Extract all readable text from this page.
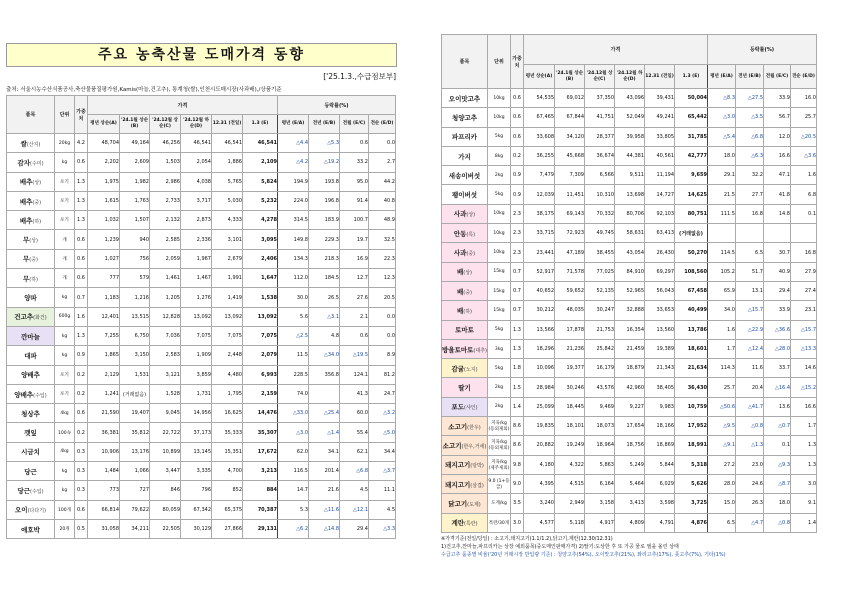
주요 농축산물 도매가격 동향
['25.1.3.,수급점보부]
출처: 서울시농수산식품공사,축산물품질평가원,Kamis(마늘,건고추), 통계청(쌀),인천시도매시장(사과배),/상품기준
품목	단위	가중치	가격						등락률(%)			
			평년 상순(A)	'24.1월 상순(B)	'24.12월 상순(C)	'24.12월 하순(D)	12.31 (전일)	1.3 (E)	평년 (E/A)	전년 (E/B)	전월 (E/C)	전순 (E/D)
쌀(산지)	20kg	4.2	48,704	49,164	46,256	46,541	46,541	46,541	△4.4	△5.3	0.6	0.0
감자(수미)	kg	0.6	2,202	2,609	1,503	2,054	1,886	2,109	△4.2	△19.2	33.2	2.7
배추(상)	포기	1.3	1,975	1,982	2,986	4,038	5,765	5,824	194.9	193.8	95.0	44.2
배추(중)	포기	1.3	1,615	1,763	2,733	3,717	5,030	5,232	224.0	196.8	91.4	40.8
배추(하)	포기	1.3	1,032	1,507	2,132	2,873	4,333	4,278	314.5	183.9	100.7	48.9
무(상)	개	0.6	1,239	940	2,585	2,336	3,101	3,095	149.8	229.3	19.7	32.5
무(중)	개	0.6	1,027	756	2,059	1,967	2,679	2,406	134.3	218.3	16.9	22.3
무(하)	개	0.6	777	579	1,461	1,467	1,991	1,647	112.0	184.5	12.7	12.3
양파	kg	0.7	1,183	1,216	1,205	1,276	1,419	1,538	30.0	26.5	27.6	20.5
건고추(화건)	600g	1.6	12,401	13,515	12,828	13,092	13,092	13,092	5.6	△3.1	2.1	0.0
깐마늘	kg	1.3	7,255	6,750	7,036	7,075	7,075	7,075	△2.5	4.8	0.6	0.0
대파	kg	0.9	1,865	3,150	2,583	1,909	2,448	2,079	11.5	△34.0	△19.5	8.9
양배추	포기	0.2	2,129	1,531	3,121	3,859	4,480	6,993	228.5	356.8	124.1	81.2
양배추(수입)	포기	0.2	1,241	(거래없음)	1,528	1,731	1,795	2,159	74.0		41.3	24.7
청상추	4kg	0.6	21,590	19,407	9,045	14,956	16,625	14,476	△33.0	△25.4	60.0	△3.2
깻잎	100속	0.2	36,381	35,812	22,722	37,173	35,333	35,307	△3.0	△1.4	55.4	△5.0
시금치	4kg	0.3	10,906	13,176	10,899	13,145	15,351	17,672	62.0	34.1	62.1	34.4
당근	kg	0.3	1,484	1,066	3,447	3,335	4,700	3,213	116.5	201.4	△6.8	△3.7
당근(수입)	kg	0.3	773	727	846	796	852	884	14.7	21.6	4.5	11.1
오이(다다기)	100개	0.6	66,814	79,622	80,059	67,342	65,375	70,387	5.3	△11.6	△12.1	4.5
애호박	20개	0.5	31,058	34,211	22,505	30,129	27,866	29,131	△6.2	△14.8	29.4	△3.3
품목	단위	가중치	가격						등락률(%)			
			평년 상순(A)	'24.1월 상순(B)	'24.12월 상순(C)	'24.12월 하순(D)	12.31 (전일)	1.3 (E)	평년 (E/A)	전년 (E/B)	전월 (E/C)	전순 (E/D)
오이맛고추	10kg	0.6	54,535	69,012	37,350	43,096	39,431	50,004	△8.3	△27.5	33.9	16.0
청양고추	10kg	0.6	67,465	67,844	41,751	52,049	49,241	65,442	△3.0	△3.5	56.7	25.7
파프리카	5kg	0.6	33,608	34,120	28,377	39,958	33,805	31,785	△5.4	△6.8	12.0	△20.5
가지	8kg	0.2	36,255	45,668	36,674	44,381	40,561	42,777	18.0	△6.3	16.6	△3.6
새송이버섯	2kg	0.9	7,479	7,309	6,566	9,511	11,194	9,659	29.1	32.2	47.1	1.6
팽이버섯	5kg	0.9	12,039	11,451	10,310	13,698	14,727	14,625	21.5	27.7	41.8	6.8
사과(상)	10kg	2.3	38,175	69,143	70,332	80,706	92,103	80,751	111.5	16.8	14.8	0.1
안동(특)	10kg	2.3	33,715	72,923	49,745	58,631	63,413	(거래없음)				
사과(중)	10kg	2.3	23,441	47,189	38,455	43,054	26,430	50,270	114.5	6.5	30.7	16.8
배(상)	15kg	0.7	52,917	71,578	77,025	84,910	69,297	108,560	105.2	51.7	40.9	27.9
배(중)	15kg	0.7	40,652	59,652	52,135	52,965	56,043	67,458	65.9	13.1	29.4	27.4
배(하)	15kg	0.7	30,212	48,035	30,247	32,888	33,653	40,499	34.0	△15.7	33.9	23.1
토마토	5kg	1.3	13,566	17,878	21,753	16,354	13,560	13,786	1.6	△22.9	△36.6	△15.7
방울토마토(대추)	3kg	1.3	18,296	21,236	25,842	21,459	19,389	18,601	1.7	△12.4	△28.0	△13.3
감귤(노지)	5kg	1.8	10,096	19,377	16,179	18,879	21,343	21,634	114.3	11.6	33.7	14.6
딸기	2kg	1.5	28,984	30,246	43,576	42,960	38,405	36,430	25.7	20.4	△16.4	△15.2
포도(샤인)	2kg	1.4	25,099	18,445	9,469	9,227	9,983	10,759	△50.6	△41.7	13.6	16.6
소고기(한우)	지육/kg (등외제외)	8.6	19,835	18,101	18,073	17,654	18,166	17,952	△9.5	△0.8	△0.7	1.7
소고기(한우,거세)	지육/kg (등외제외)	8.6	20,882	19,249	18,964	18,756	18,869	18,991	△9.1	△1.3	0.1	1.3
돼지고기(탕박)	지육/kg (제주제외)	9.8	4,180	4,322	5,863	5,249	5,844	5,318	27.2	23.0	△9.3	1.3
돼지고기(삼겹)	9.0 (1+등급)	9.0	4,395	4,515	6,164	5,464	6,029	5,626	28.0	24.6	△8.7	3.0
닭고기(도계)	도계/kg	3.5	3,240	2,949	3,158	3,413	3,598	3,725	15.0	26.3	18.0	9.1
계란(특란)	특란/30개	3.0	4,577	5,118	4,917	4,809	4,791	4,876	6.5	△4.7	△0.8	1.4
※가격기준(전일/당일) : 소고기,돼지고기(1.1/1.2),닭고기,계란(12.30/12.31)
1)건고추,깐마늘,파프리카는 상장 예외품목(중도매인판매가격) 2)딸기:도상한 후 또 가공 물로 필을 올린 상태
수급고추 품종별 비율('20년 거래시장 반입량 기준) : 청양고추(54%), 오이맛고추(21%), 꽈리고추(17%), 풋고추(7%), 기타(1%)
